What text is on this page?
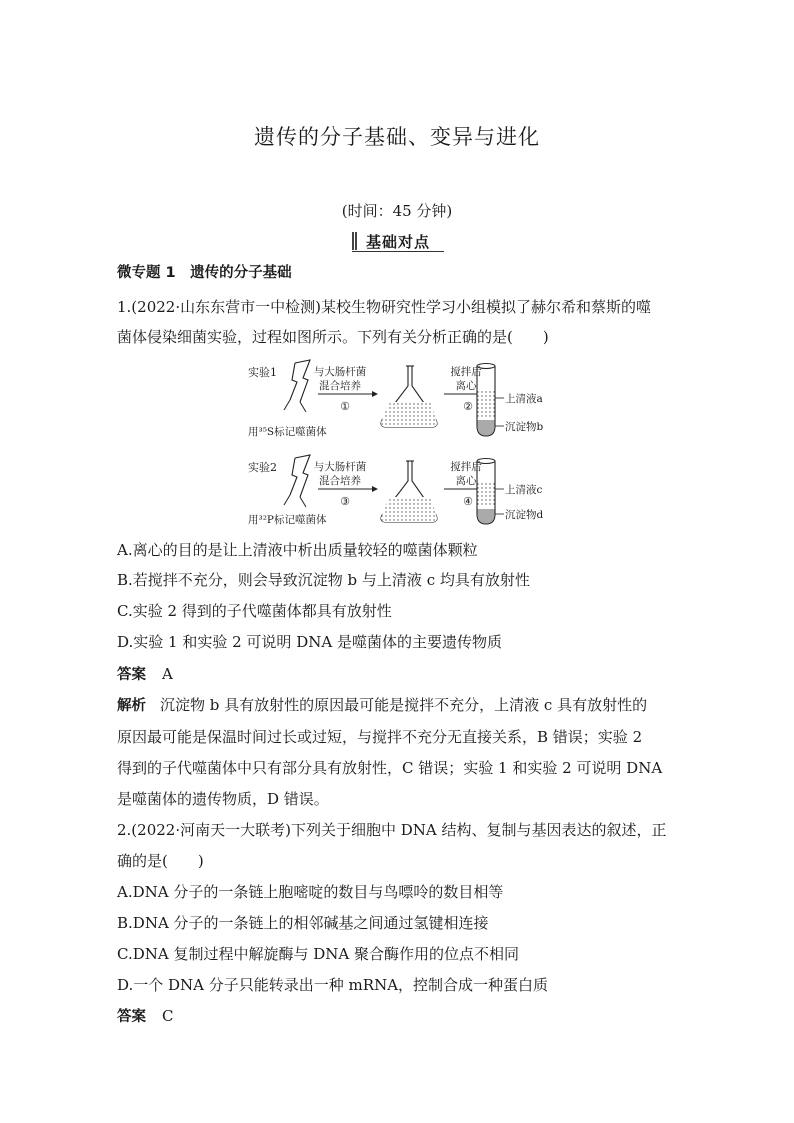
遗传的分子基础、变异与进化
(时间：45 分钟)
基础对点
微专题 1　遗传的分子基础
1.(2022·山东东营市一中检测)某校生物研究性学习小组模拟了赫尔希和蔡斯的噬
菌体侵染细菌实验，过程如图所示。下列有关分析正确的是(　　)
实验1
用³⁵S标记噬菌体
与大肠杆菌
混合培养
①
搅拌后
离心
②
上清液a
沉淀物b
实验2
用³²P标记噬菌体
与大肠杆菌
混合培养
③
搅拌后
离心
④
上清液c
沉淀物d
A.离心的目的是让上清液中析出质量较轻的噬菌体颗粒
B.若搅拌不充分，则会导致沉淀物 b 与上清液 c 均具有放射性
C.实验 2 得到的子代噬菌体都具有放射性
D.实验 1 和实验 2 可说明 DNA 是噬菌体的主要遗传物质
答案 A
解析 沉淀物 b 具有放射性的原因最可能是搅拌不充分，上清液 c 具有放射性的
原因最可能是保温时间过长或过短，与搅拌不充分无直接关系，B 错误；实验 2
得到的子代噬菌体中只有部分具有放射性，C 错误；实验 1 和实验 2 可说明 DNA
是噬菌体的遗传物质，D 错误。
2.(2022·河南天一大联考)下列关于细胞中 DNA 结构、复制与基因表达的叙述，正
确的是(　　)
A.DNA 分子的一条链上胞嘧啶的数目与鸟嘌呤的数目相等
B.DNA 分子的一条链上的相邻碱基之间通过氢键相连接
C.DNA 复制过程中解旋酶与 DNA 聚合酶作用的位点不相同
D.一个 DNA 分子只能转录出一种 mRNA，控制合成一种蛋白质
答案 C
